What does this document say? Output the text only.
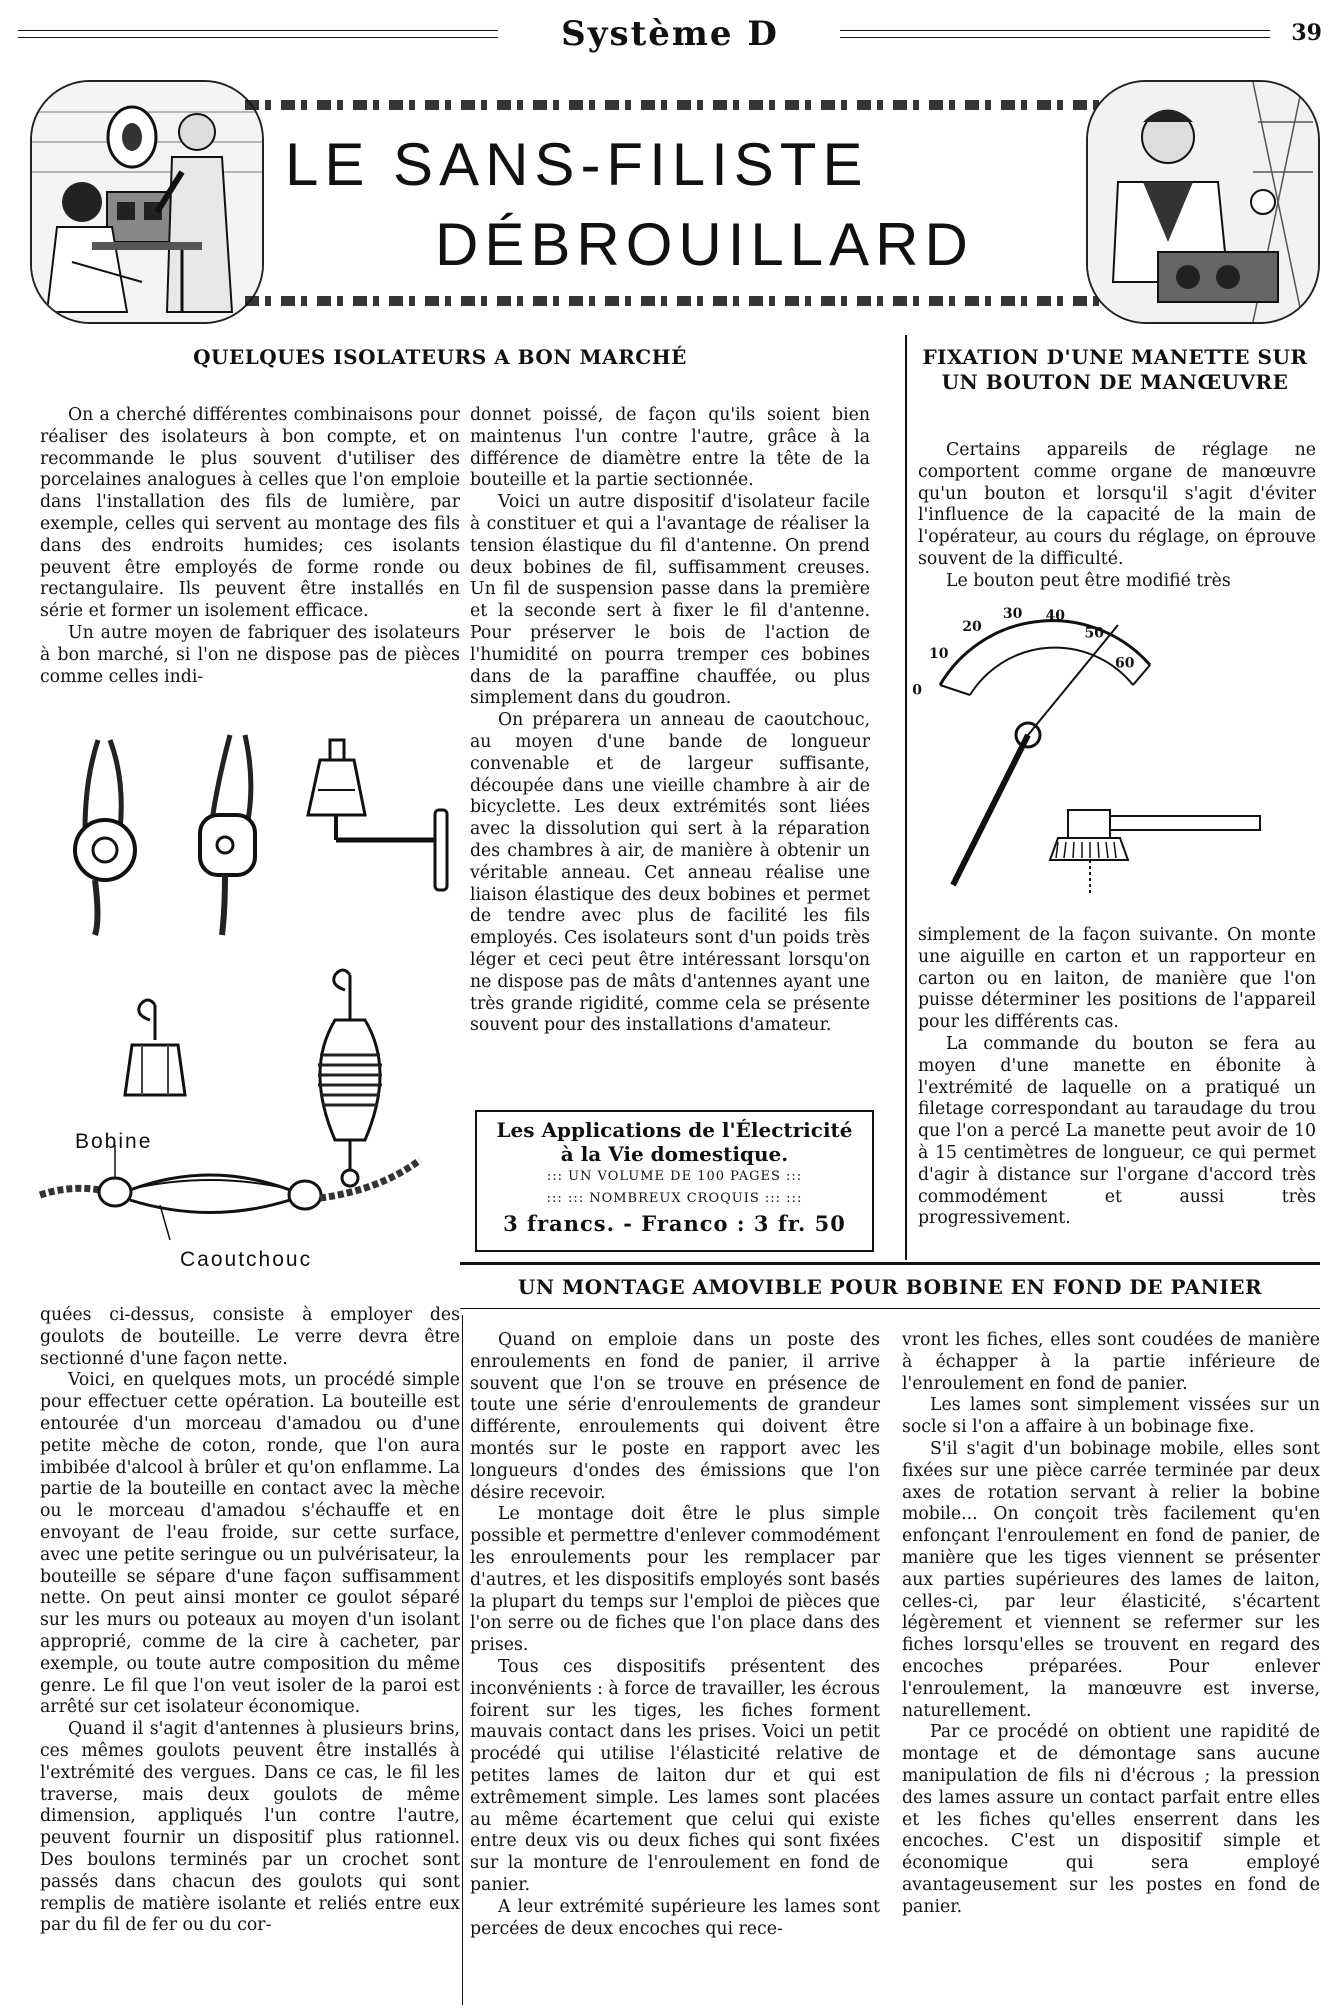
Système D	39
LE SANS-FILISTE
DÉBROUILLARD
QUELQUES ISOLATEURS A BON MARCHÉ

On a cherché différentes combinaisons pour réaliser des isolateurs à bon compte, et on recommande le plus souvent d'utiliser des porcelaines analogues à celles que l'on emploie dans l'installation des fils de lumière, par exemple, celles qui servent au montage des fils dans des endroits humides; ces isolants peuvent être employés de forme ronde ou rectangulaire. Ils peuvent être installés en série et former un isolement efficace.

Un autre moyen de fabriquer des isolateurs à bon marché, si l'on ne dispose pas de pièces comme celles indi-

Bobine
Caoutchouc

quées ci-dessus, consiste à employer des goulots de bouteille. Le verre devra être sectionné d'une façon nette.

Voici, en quelques mots, un procédé simple pour effectuer cette opération. La bouteille est entourée d'un morceau d'amadou ou d'une petite mèche de coton, ronde, que l'on aura imbibée d'alcool à brûler et qu'on enflamme. La partie de la bouteille en contact avec la mèche ou le morceau d'amadou s'échauffe et en envoyant de l'eau froide, sur cette surface, avec une petite seringue ou un pulvérisateur, la bouteille se sépare d'une façon suffisamment nette. On peut ainsi monter ce goulot séparé sur les murs ou poteaux au moyen d'un isolant approprié, comme de la cire à cacheter, par exemple, ou toute autre composition du même genre. Le fil que l'on veut isoler de la paroi est arrêté sur cet isolateur économique.

Quand il s'agit d'antennes à plusieurs brins, ces mêmes goulots peuvent être installés à l'extrémité des vergues. Dans ce cas, le fil les traverse, mais deux goulots de même dimension, appliqués l'un contre l'autre, peuvent fournir un dispositif plus rationnel. Des boulons terminés par un crochet sont passés dans chacun des goulots qui sont remplis de matière isolante et reliés entre eux par du fil de fer ou du cor-

donnet poissé, de façon qu'ils soient bien maintenus l'un contre l'autre, grâce à la différence de diamètre entre la tête de la bouteille et la partie sectionnée.

Voici un autre dispositif d'isolateur facile à constituer et qui a l'avantage de réaliser la tension élastique du fil d'antenne. On prend deux bobines de fil, suffisamment creuses. Un fil de suspension passe dans la première et la seconde sert à fixer le fil d'antenne. Pour préserver le bois de l'action de l'humidité on pourra tremper ces bobines dans de la paraffine chauffée, ou plus simplement dans du goudron.

On préparera un anneau de caoutchouc, au moyen d'une bande de longueur convenable et de largeur suffisante, découpée dans une vieille chambre à air de bicyclette. Les deux extrémités sont liées avec la dissolution qui sert à la réparation des chambres à air, de manière à obtenir un véritable anneau. Cet anneau réalise une liaison élastique des deux bobines et permet de tendre avec plus de facilité les fils employés. Ces isolateurs sont d'un poids très léger et ceci peut être intéressant lorsqu'on ne dispose pas de mâts d'antennes ayant une très grande rigidité, comme cela se présente souvent pour des installations d'amateur.

Les Applications de l'Électricité
à la Vie domestique.
::: UN VOLUME DE 100 PAGES :::
::: ::: NOMBREUX CROQUIS ::: :::
3 francs. - Franco : 3 fr. 50
FIXATION D'UNE MANETTE SUR
UN BOUTON DE MANŒUVRE

Certains appareils de réglage ne comportent comme organe de manœuvre qu'un bouton et lorsqu'il s'agit d'éviter l'influence de la capacité de la main de l'opérateur, au cours du réglage, on éprouve souvent de la difficulté.

Le bouton peut être modifié très

0
10
20
30 40
50
60

simplement de la façon suivante. On monte une aiguille en carton et un rapporteur en carton ou en laiton, de manière que l'on puisse déterminer les positions de l'appareil pour les différents cas.

La commande du bouton se fera au moyen d'une manette en ébonite à l'extrémité de laquelle on a pratiqué un filetage correspondant au taraudage du trou que l'on a percé La manette peut avoir de 10 à 15 centimètres de longueur, ce qui permet d'agir à distance sur l'organe d'accord très commodément et aussi très progressivement.

UN MONTAGE AMOVIBLE POUR BOBINE EN FOND DE PANIER

Quand on emploie dans un poste des enroulements en fond de panier, il arrive souvent que l'on se trouve en présence de toute une série d'enroulements de grandeur différente, enroulements qui doivent être montés sur le poste en rapport avec les longueurs d'ondes des émissions que l'on désire recevoir.

Le montage doit être le plus simple possible et permettre d'enlever commodément les enroulements pour les remplacer par d'autres, et les dispositifs employés sont basés la plupart du temps sur l'emploi de pièces que l'on serre ou de fiches que l'on place dans des prises.

Tous ces dispositifs présentent des inconvénients : à force de travailler, les écrous foirent sur les tiges, les fiches forment mauvais contact dans les prises. Voici un petit procédé qui utilise l'élasticité relative de petites lames de laiton dur et qui est extrêmement simple. Les lames sont placées au même écartement que celui qui existe entre deux vis ou deux fiches qui sont fixées sur la monture de l'enroulement en fond de panier.

A leur extrémité supérieure les lames sont percées de deux encoches qui rece-

vront les fiches, elles sont coudées de manière à échapper à la partie inférieure de l'enroulement en fond de panier.

Les lames sont simplement vissées sur un socle si l'on a affaire à un bobinage fixe.

S'il s'agit d'un bobinage mobile, elles sont fixées sur une pièce carrée terminée par deux axes de rotation servant à relier la bobine mobile... On conçoit très facilement qu'en enfonçant l'enroulement en fond de panier, de manière que les tiges viennent se présenter aux parties supérieures des lames de laiton, celles-ci, par leur élasticité, s'écartent légèrement et viennent se refermer sur les fiches lorsqu'elles se trouvent en regard des encoches préparées. Pour enlever l'enroulement, la manœuvre est inverse, naturellement.

Par ce procédé on obtient une rapidité de montage et de démontage sans aucune manipulation de fils ni d'écrous ; la pression des lames assure un contact parfait entre elles et les fiches qu'elles enserrent dans les encoches. C'est un dispositif simple et économique qui sera employé avantageusement sur les postes en fond de panier.
